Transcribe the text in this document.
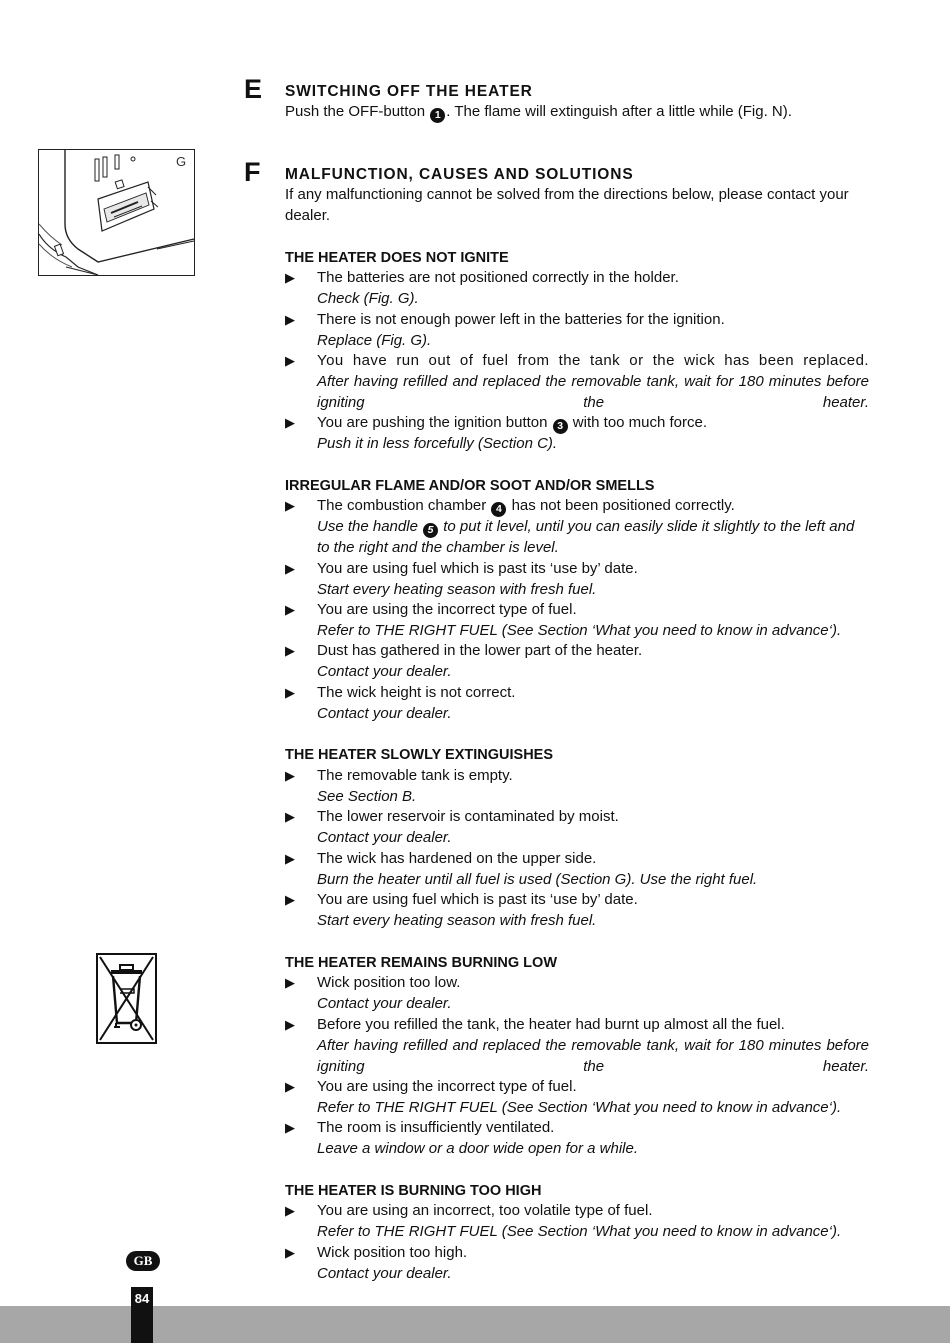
E SWITCHING OFF THE HEATER
Push the OFF-button 1 . The flame will extinguish after a little while (Fig. N).
G F MALFUNCTION, CAUSES AND SOLUTIONS
If any malfunctioning cannot be solved from the directions below, please contact your dealer.
THE HEATER DOES NOT IGNITE
▶ The batteries are not positioned correctly in the holder.
Check (Fig. G).
▶ There is not enough power left in the batteries for the ignition.
Replace (Fig. G).
▶ You have run out of fuel from the tank or the wick has been replaced.
After having refilled and replaced the removable tank, wait for 180 minutes before igniting the heater.
▶ You are pushing the ignition button 3 with too much force.
Push it in less forcefully (Section C).
IRREGULAR FLAME AND/OR SOOT AND/OR SMELLS
▶ The combustion chamber 4 has not been positioned correctly.
Use the handle 5 to put it level, until you can easily slide it slightly to the left and to the right and the chamber is level.
▶ You are using fuel which is past its ‘use by’ date.
Start every heating season with fresh fuel.
▶ You are using the incorrect type of fuel.
Refer to THE RIGHT FUEL (See Section ‘What you need to know in advance‘).
▶ Dust has gathered in the lower part of the heater.
Contact your dealer.
▶ The wick height is not correct.
Contact your dealer.
THE HEATER SLOWLY EXTINGUISHES
▶ The removable tank is empty.
See Section B.
▶ The lower reservoir is contaminated by moist.
Contact your dealer.
▶ The wick has hardened on the upper side.
Burn the heater until all fuel is used (Section G). Use the right fuel.
▶ You are using fuel which is past its ‘use by’ date.
Start every heating season with fresh fuel.
THE HEATER REMAINS BURNING LOW
▶ Wick position too low.
Contact your dealer.
▶ Before you refilled the tank, the heater had burnt up almost all the fuel.
After having refilled and replaced the removable tank, wait for 180 minutes before igniting the heater.
▶ You are using the incorrect type of fuel.
Refer to THE RIGHT FUEL (See Section ‘What you need to know in advance‘).
▶ The room is insufficiently ventilated.
Leave a window or a door wide open for a while.
THE HEATER IS BURNING TOO HIGH
▶ You are using an incorrect, too volatile type of fuel.
Refer to THE RIGHT FUEL (See Section ‘What you need to know in advance‘).
▶ Wick position too high.
Contact your dealer.
GB
84
